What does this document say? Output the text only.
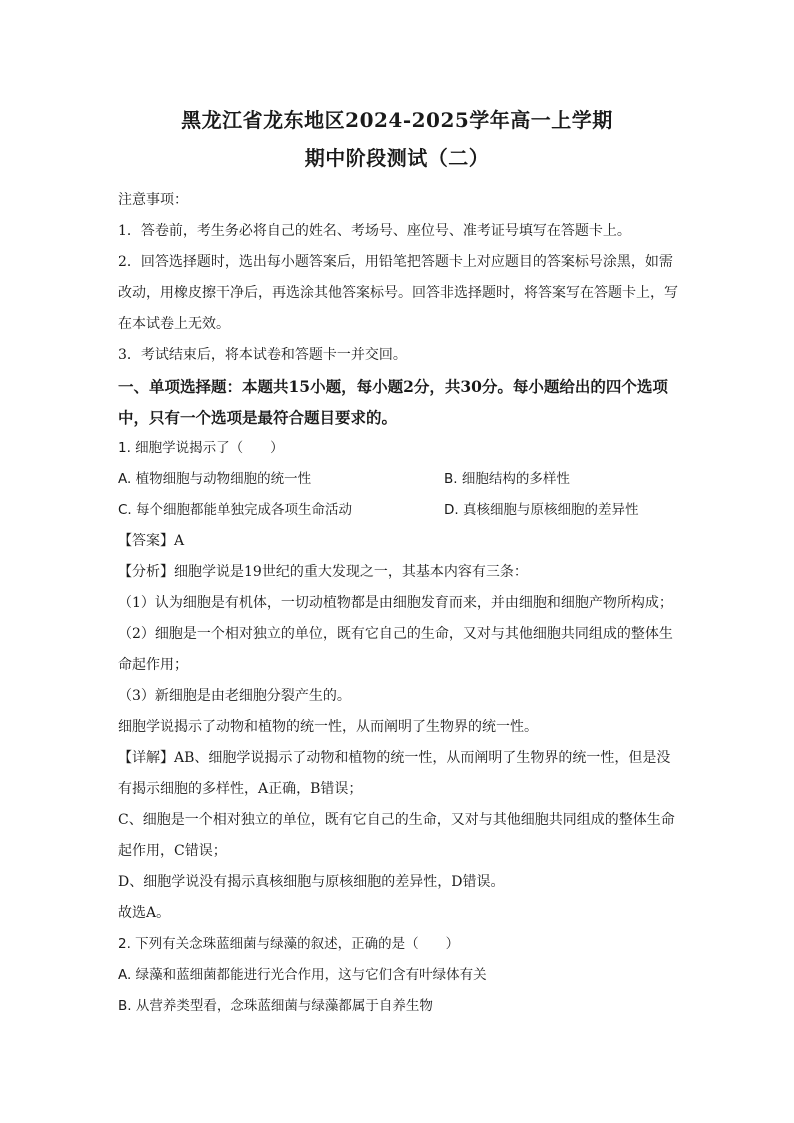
黑龙江省龙东地区2024-2025学年高一上学期
期中阶段测试（二）

注意事项：

1．答卷前，考生务必将自己的姓名、考场号、座位号、准考证号填写在答题卡上。

2．回答选择题时，选出每小题答案后，用铅笔把答题卡上对应题目的答案标号涂黑，如需改动，用橡皮擦干净后，再选涂其他答案标号。回答非选择题时，将答案写在答题卡上，写在本试卷上无效。

3．考试结束后，将本试卷和答题卡一并交回。

一、单项选择题：本题共15小题，每小题2分，共30分。每小题给出的四个选项中，只有一个选项是最符合题目要求的。

1. 细胞学说揭示了（　　）

A. 植物细胞与动物细胞的统一性	B. 细胞结构的多样性
C. 每个细胞都能单独完成各项生命活动	D. 真核细胞与原核细胞的差异性

【答案】A

【分析】细胞学说是19世纪的重大发现之一，其基本内容有三条：

（1）认为细胞是有机体，一切动植物都是由细胞发育而来，并由细胞和细胞产物所构成；

（2）细胞是一个相对独立的单位，既有它自己的生命，又对与其他细胞共同组成的整体生命起作用；

（3）新细胞是由老细胞分裂产生的。

细胞学说揭示了动物和植物的统一性，从而阐明了生物界的统一性。

【详解】AB、细胞学说揭示了动物和植物的统一性，从而阐明了生物界的统一性，但是没有揭示细胞的多样性，A正确，B错误；

C、细胞是一个相对独立的单位，既有它自己的生命，又对与其他细胞共同组成的整体生命起作用，C错误；

D、细胞学说没有揭示真核细胞与原核细胞的差异性，D错误。

故选A。

2. 下列有关念珠蓝细菌与绿藻的叙述，正确的是（　　）

A. 绿藻和蓝细菌都能进行光合作用，这与它们含有叶绿体有关

B. 从营养类型看，念珠蓝细菌与绿藻都属于自养生物
